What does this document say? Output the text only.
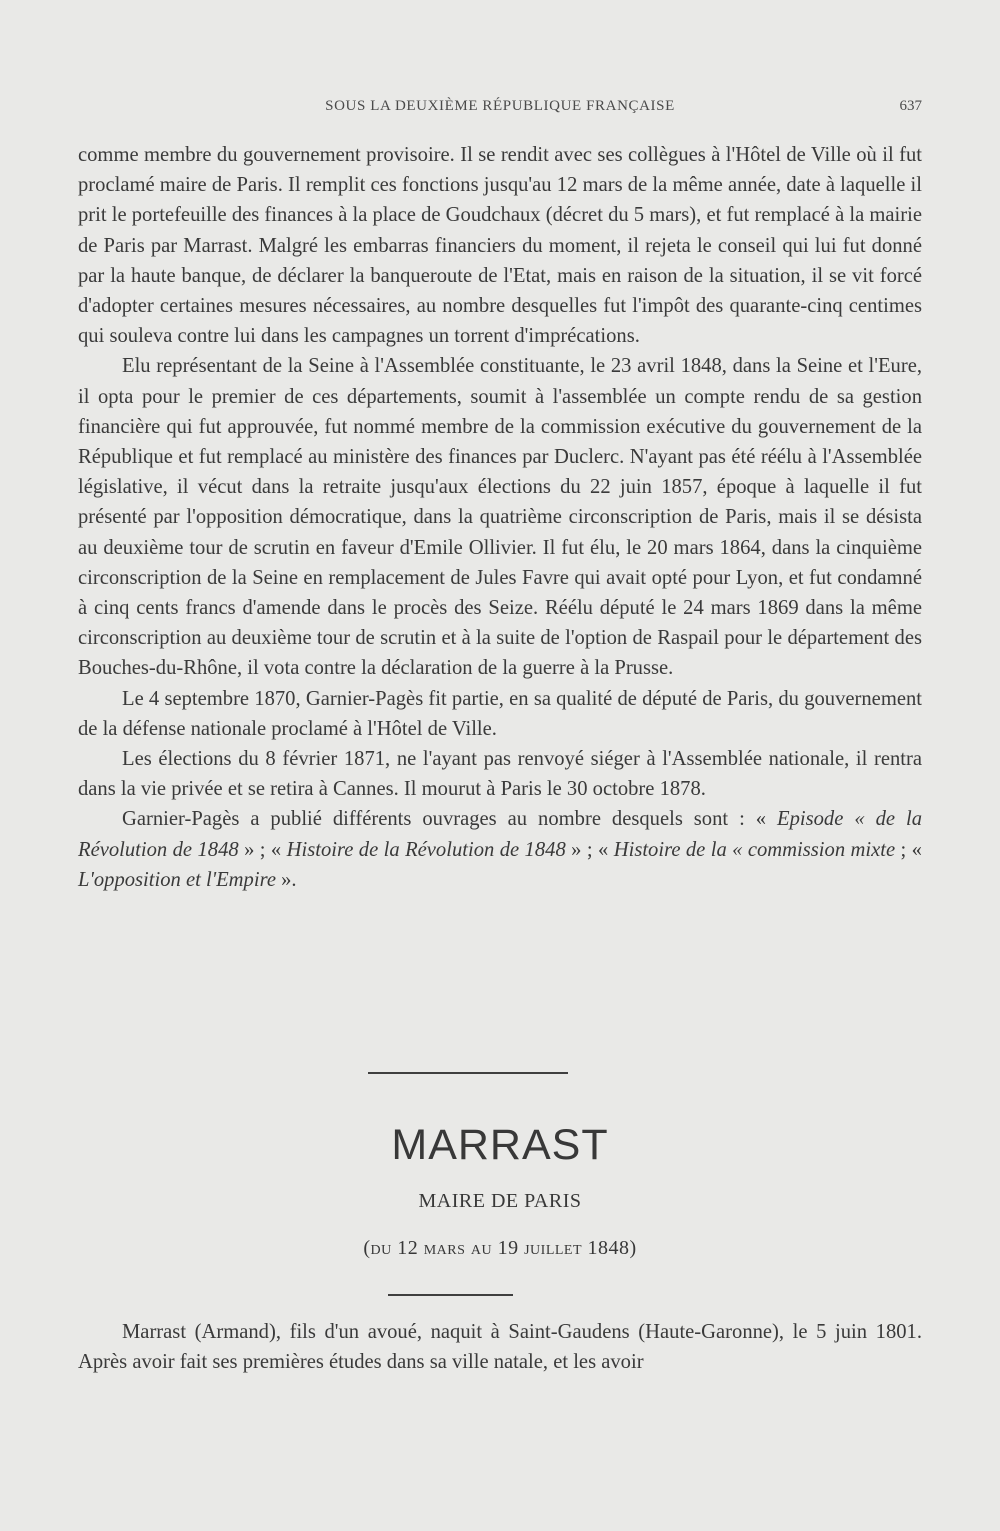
SOUS LA DEUXIÈME RÉPUBLIQUE FRANÇAISE	637

comme membre du gouvernement provisoire. Il se rendit avec ses collègues à l'Hôtel de Ville où il fut proclamé maire de Paris. Il remplit ces fonctions jusqu'au 12 mars de la même année, date à laquelle il prit le portefeuille des finances à la place de Goudchaux (décret du 5 mars), et fut remplacé à la mairie de Paris par Marrast. Malgré les embarras financiers du moment, il rejeta le conseil qui lui fut donné par la haute banque, de déclarer la banqueroute de l'Etat, mais en raison de la situation, il se vit forcé d'adopter certaines mesures nécessaires, au nombre desquelles fut l'impôt des quarante-cinq centimes qui souleva contre lui dans les campagnes un torrent d'imprécations.

Elu représentant de la Seine à l'Assemblée constituante, le 23 avril 1848, dans la Seine et l'Eure, il opta pour le premier de ces départements, soumit à l'assemblée un compte rendu de sa gestion financière qui fut approuvée, fut nommé membre de la commission exécutive du gouvernement de la République et fut remplacé au ministère des finances par Duclerc. N'ayant pas été réélu à l'Assemblée législative, il vécut dans la retraite jusqu'aux élections du 22 juin 1857, époque à laquelle il fut présenté par l'opposition démocratique, dans la quatrième circonscription de Paris, mais il se désista au deuxième tour de scrutin en faveur d'Emile Ollivier. Il fut élu, le 20 mars 1864, dans la cinquième circonscription de la Seine en remplacement de Jules Favre qui avait opté pour Lyon, et fut condamné à cinq cents francs d'amende dans le procès des Seize. Réélu député le 24 mars 1869 dans la même circonscription au deuxième tour de scrutin et à la suite de l'option de Raspail pour le département des Bouches-du-Rhône, il vota contre la déclaration de la guerre à la Prusse.

Le 4 septembre 1870, Garnier-Pagès fit partie, en sa qualité de député de Paris, du gouvernement de la défense nationale proclamé à l'Hôtel de Ville.

Les élections du 8 février 1871, ne l'ayant pas renvoyé siéger à l'Assemblée nationale, il rentra dans la vie privée et se retira à Cannes. Il mourut à Paris le 30 octobre 1878.

Garnier-Pagès a publié différents ouvrages au nombre desquels sont : « Episode « de la Révolution de 1848 » ; « Histoire de la Révolution de 1848 » ; « Histoire de la « commission mixte ; « L'opposition et l'Empire ».

MARRAST
MAIRE DE PARIS
(du 12 mars au 19 juillet 1848)

Marrast (Armand), fils d'un avoué, naquit à Saint-Gaudens (Haute-Garonne), le 5 juin 1801. Après avoir fait ses premières études dans sa ville natale, et les avoir
